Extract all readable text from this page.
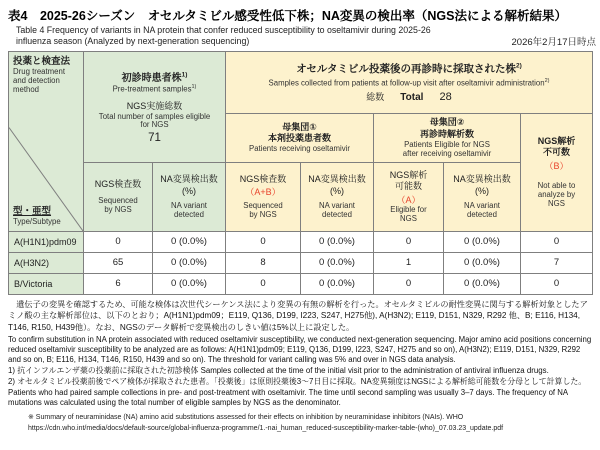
表4　2025-26シーズン　オセルタミビル感受性低下株；NA変異の検出率（NGS法による解析結果）
Table 4 Frequency of variants in NA protein that confer reduced susceptibility to oseltamivir during 2025-26 influenza season (Analyzed by next-generation sequencing)	2026年2月17日時点
投薬と検査法
Drug treatment and detection method
型・亜型
Type/Subtype

初診時患者株$^{1)}$
Pre-treatment samples$^{1)}$
NGS実施総数
Total number of samples eligible for NGS
71

オセルタミビル投薬後の再診時に採取された株$^{2)}$
Samples collected from patients at follow-up visit after oseltamivir administration$^{2)}$
総数 Total 28

母集団①
本剤投薬患者数
Patients receiving oseltamivir

母集団②
再診時解析数
Patients Eligible for NGS
after receiving oseltamivir

NGS解析
不可数
（B）
Not able to
analyze by
NGS

NGS検査数
Sequenced
by NGS

NA変異検出数
(%)
NA variant
detected

NGS検査数
（A+B）
Sequenced
by NGS

NA変異検出数
(%)
NA variant
detected

NGS解析
可能数
（A）
Eligible for
NGS

NA変異検出数
(%)
NA variant
detected

A(H1N1)pdm09	0	0 (0.0%)	0	0 (0.0%)	0	0 (0.0%)	0
A(H3N2)	65	0 (0.0%)	8	0 (0.0%)	1	0 (0.0%)	7
B/Victoria	6	0 (0.0%)	0	0 (0.0%)	0	0 (0.0%)	0
　遺伝子の変異を確認するため、可能な検体は次世代シーケンス法により変異の有無の解析を行った。オセルタミビルの耐性変異に関与する解析対象としたアミノ酸の主な解析部位は、以下のとおり；A(H1N1)pdm09；E119, Q136, D199, I223, S247, H275他), A(H3N2); E119, D151, N329, R292 他、B; E116, H134, T146, R150, H439他）。なお、NGSのデータ解析で変異検出のしきい値は5%以上に設定した。
To confirm substitution in NA protein associated with reduced oseltamivir susceptibility, we conducted next-generation sequencing. Major amino acid positions concerning reduced oseltamivir susceptibility to be analyzed are as follows: A(H1N1)pdm09; E119, Q136, D199, I223, S247, H275 and so on), A(H3N2); E119, D151, N329, R292 and so on, B; E116, H134, T146, R150, H439 and so on). The threshold for variant calling was 5% and over in NGS data analysis.
1) 抗インフルエンザ薬の投薬前に採取された初診検体 Samples collected at the time of the initial visit prior to the administration of antiviral influenza drugs.
2) オセルタミビル投薬前後でペア検体が採取された患者。「投薬後」は原則投薬後3～7日目に採取。NA変異頻度はNGSによる解析総可能数を分母として計算した。
Patients who had paired sample collections in pre- and post-treatment with oseltamivir. The time until second sampling was usually 3–7 days. The frequency of NA mutations was calculated using the total number of eligible samples by NGS as the denominator.
※ Summary of neuraminidase (NA) amino acid substitutions assessed for their effects on inhibition by neuraminidase inhibitors (NAIs). WHO
https://cdn.who.int/media/docs/default-source/global-influenza-programme/1.-nai_human_reduced-susceptibility-marker-table-(who)_07.03.23_update.pdf
